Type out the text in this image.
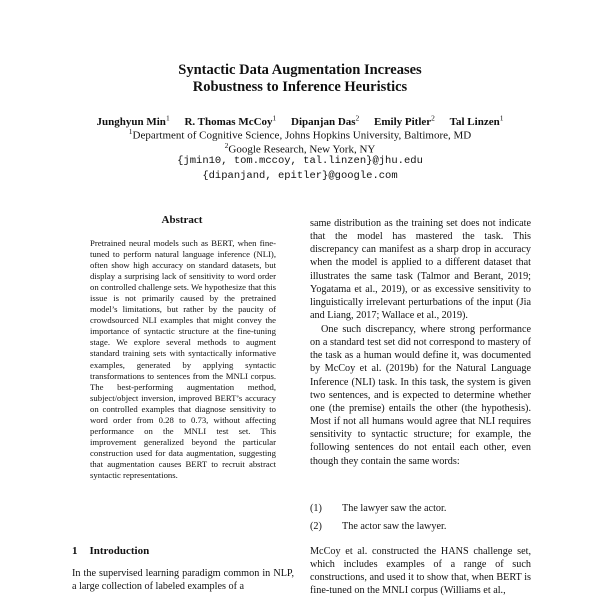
Syntactic Data Augmentation Increases
Robustness to Inference Heuristics
Junghyun Min$^1$ R. Thomas McCoy$^1$ Dipanjan Das$^2$ Emily Pitler$^2$ Tal Linzen$^1$
$^1$Department of Cognitive Science, Johns Hopkins University, Baltimore, MD
$^2$Google Research, New York, NY
{jmin10, tom.mccoy, tal.linzen}@jhu.edu
{dipanjand, epitler}@google.com
Abstract

Pretrained neural models such as BERT, when fine-tuned to perform natural language inference (NLI), often show high accuracy on standard datasets, but display a surprising lack of sensitivity to word order on controlled challenge sets. We hypothesize that this issue is not primarily caused by the pretrained model’s limitations, but rather by the paucity of crowdsourced NLI examples that might convey the importance of syntactic structure at the fine-tuning stage. We explore several methods to augment standard training sets with syntactically informative examples, generated by applying syntactic transformations to sentences from the MNLI corpus. The best-performing augmentation method, subject/object inversion, improved BERT’s accuracy on controlled examples that diagnose sensitivity to word order from 0.28 to 0.73, without affecting performance on the MNLI test set. This improvement generalized beyond the particular construction used for data augmentation, suggesting that augmentation causes BERT to recruit abstract syntactic representations.

1 Introduction

In the supervised learning paradigm common in NLP, a large collection of labeled examples of a

same distribution as the training set does not indicate that the model has mastered the task. This discrepancy can manifest as a sharp drop in accuracy when the model is applied to a different dataset that illustrates the same task (Talmor and Berant, 2019; Yogatama et al., 2019), or as excessive sensitivity to linguistically irrelevant perturbations of the input (Jia and Liang, 2017; Wallace et al., 2019).

One such discrepancy, where strong performance on a standard test set did not correspond to mastery of the task as a human would define it, was documented by McCoy et al. (2019b) for the Natural Language Inference (NLI) task. In this task, the system is given two sentences, and is expected to determine whether one (the premise) entails the other (the hypothesis). Most if not all humans would agree that NLI requires sensitivity to syntactic structure; for example, the following sentences do not entail each other, even though they contain the same words:

(1) The lawyer saw the actor.
(2) The actor saw the lawyer.

McCoy et al. constructed the HANS challenge set, which includes examples of a range of such constructions, and used it to show that, when BERT is fine-tuned on the MNLI corpus (Williams et al.,
